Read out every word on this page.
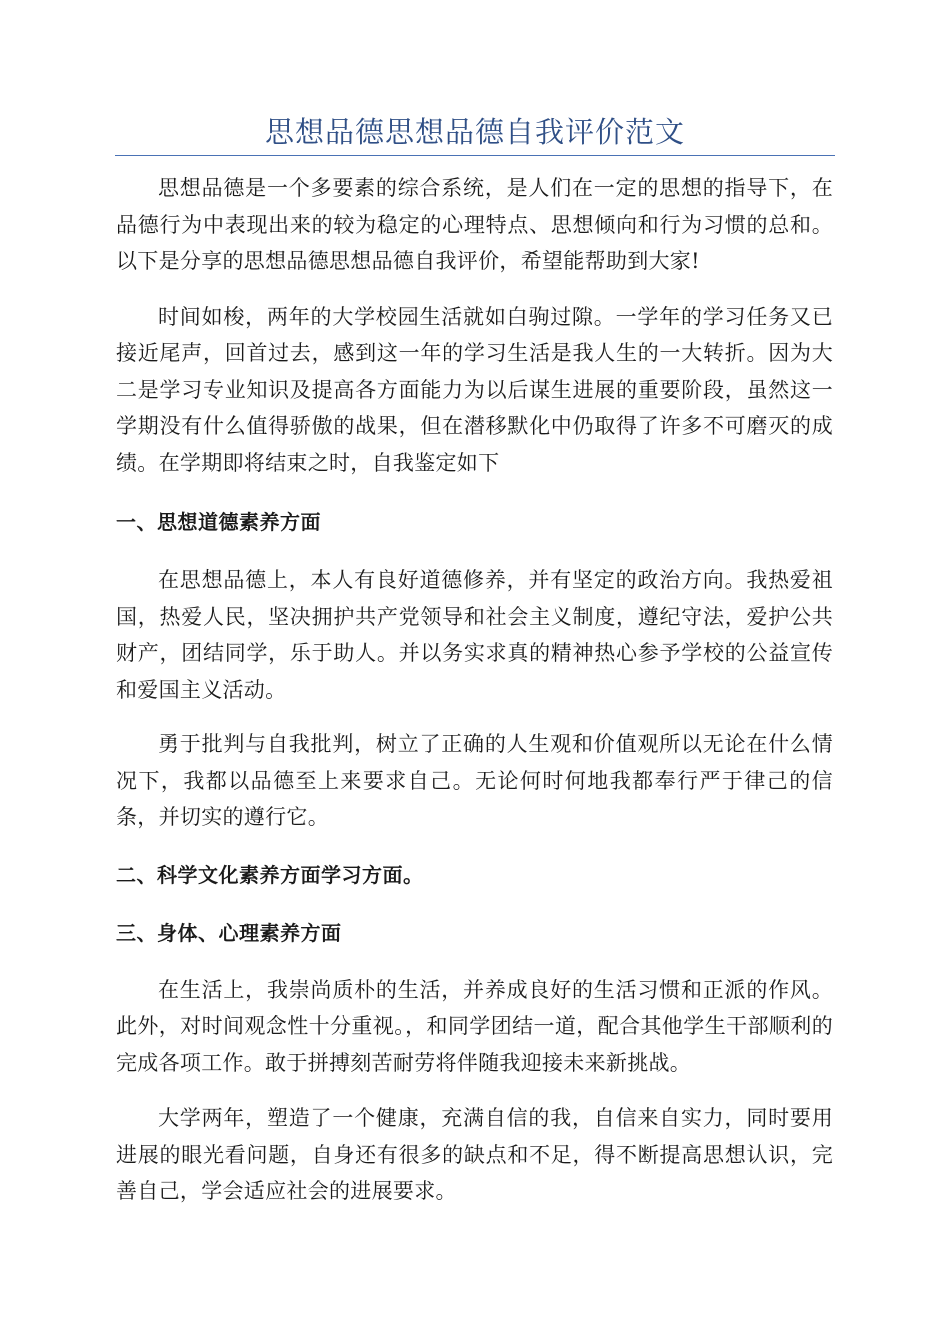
思想品德思想品德自我评价范文

思想品德是一个多要素的综合系统，是人们在一定的思想的指导下，在品德行为中表现出来的较为稳定的心理特点、思想倾向和行为习惯的总和。以下是分享的思想品德思想品德自我评价，希望能帮助到大家!

时间如梭，两年的大学校园生活就如白驹过隙。一学年的学习任务又已接近尾声，回首过去，感到这一年的学习生活是我人生的一大转折。因为大二是学习专业知识及提高各方面能力为以后谋生进展的重要阶段，虽然这一学期没有什么值得骄傲的战果，但在潜移默化中仍取得了许多不可磨灭的成绩。在学期即将结束之时，自我鉴定如下

一、思想道德素养方面

在思想品德上，本人有良好道德修养，并有坚定的政治方向。我热爱祖国，热爱人民，坚决拥护共产党领导和社会主义制度，遵纪守法，爱护公共财产，团结同学，乐于助人。并以务实求真的精神热心参予学校的公益宣传和爱国主义活动。

勇于批判与自我批判，树立了正确的人生观和价值观所以无论在什么情况下，我都以品德至上来要求自己。无论何时何地我都奉行严于律己的信条，并切实的遵行它。

二、科学文化素养方面学习方面。
三、身体、心理素养方面

在生活上，我崇尚质朴的生活，并养成良好的生活习惯和正派的作风。此外，对时间观念性十分重视。，和同学团结一道，配合其他学生干部顺利的完成各项工作。敢于拼搏刻苦耐劳将伴随我迎接未来新挑战。

大学两年，塑造了一个健康，充满自信的我，自信来自实力，同时要用进展的眼光看问题，自身还有很多的缺点和不足，得不断提高思想认识，完善自己，学会适应社会的进展要求。
